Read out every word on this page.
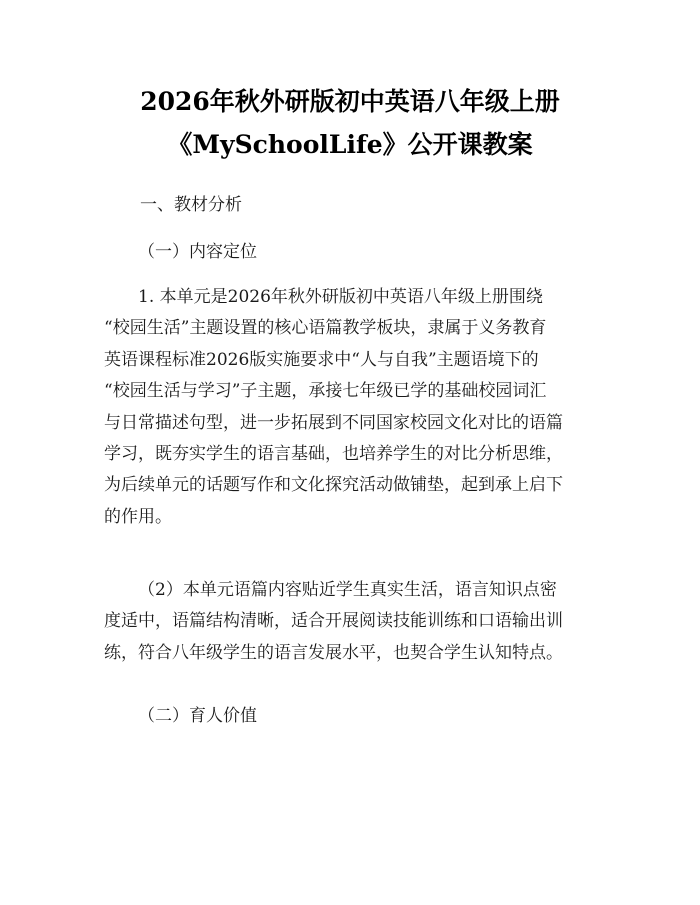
2026年秋外研版初中英语八年级上册
《MySchoolLife》公开课教案
一、教材分析
（一）内容定位

1. 本单元是2026年秋外研版初中英语八年级上册围绕

“校园生活”主题设置的核心语篇教学板块，隶属于义务教育

英语课程标准2026版实施要求中“人与自我”主题语境下的

“校园生活与学习”子主题，承接七年级已学的基础校园词汇

与日常描述句型，进一步拓展到不同国家校园文化对比的语篇

学习，既夯实学生的语言基础，也培养学生的对比分析思维，

为后续单元的话题写作和文化探究活动做铺垫，起到承上启下

的作用。

（2）本单元语篇内容贴近学生真实生活，语言知识点密

度适中，语篇结构清晰，适合开展阅读技能训练和口语输出训

练，符合八年级学生的语言发展水平，也契合学生认知特点。

（二）育人价值
